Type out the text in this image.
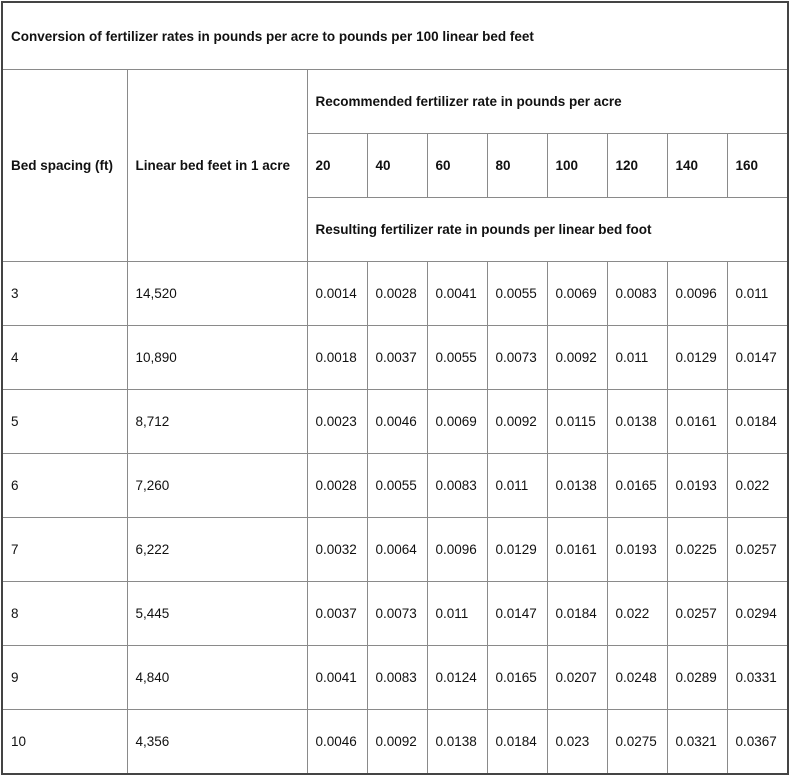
Conversion of fertilizer rates in pounds per acre to pounds per 100 linear bed feet									
Bed spacing (ft)	Linear bed feet in 1 acre	Recommended fertilizer rate in pounds per acre							
		20	40	60	80	100	120	140	160
		Resulting fertilizer rate in pounds per linear bed foot							
3	14,520	0.0014	0.0028	0.0041	0.0055	0.0069	0.0083	0.0096	0.011
4	10,890	0.0018	0.0037	0.0055	0.0073	0.0092	0.011	0.0129	0.0147
5	8,712	0.0023	0.0046	0.0069	0.0092	0.0115	0.0138	0.0161	0.0184
6	7,260	0.0028	0.0055	0.0083	0.011	0.0138	0.0165	0.0193	0.022
7	6,222	0.0032	0.0064	0.0096	0.0129	0.0161	0.0193	0.0225	0.0257
8	5,445	0.0037	0.0073	0.011	0.0147	0.0184	0.022	0.0257	0.0294
9	4,840	0.0041	0.0083	0.0124	0.0165	0.0207	0.0248	0.0289	0.0331
10	4,356	0.0046	0.0092	0.0138	0.0184	0.023	0.0275	0.0321	0.0367
